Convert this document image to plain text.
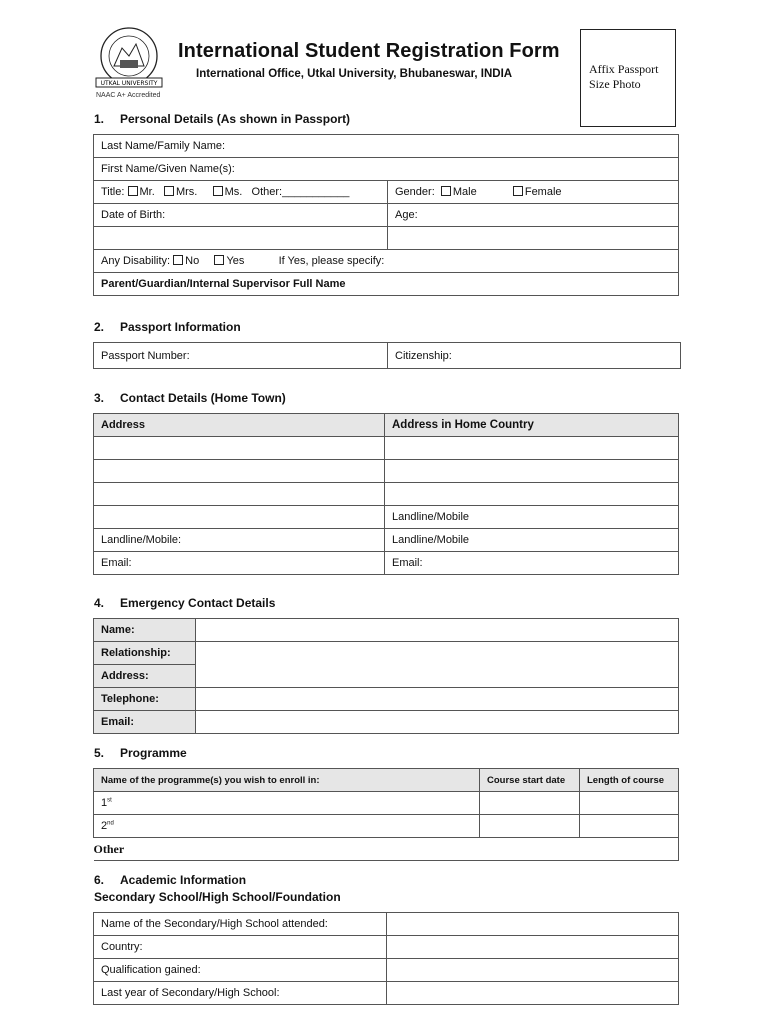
UTKAL UNIVERSITY
NAAC A+ Accredited
International Student Registration Form
International Office, Utkal University, Bhubaneswar, INDIA	Affix Passport
Size Photo
1. Personal Details (As shown in Passport)
Last Name/Family Name:	
First Name/Given Name(s):	
Title: Mr. Mrs. Ms. Other:___________	Gender: Male Female
Date of Birth:	Age:

Any Disability: No Yes If Yes, please specify:	
Parent/Guardian/Internal Supervisor Full Name	
2. Passport Information
Passport Number:	Citizenship:
3. Contact Details (Home Town)
Address	Address in Home Country

	Landline/Mobile
Landline/Mobile:	Landline/Mobile
Email:	Email:
4. Emergency Contact Details
Name:	
Relationship:	
Address:	
Telephone:	
Email:	
5. Programme
Name of the programme(s) you wish to enroll in:	Course start date	Length of course
1st		
2nd		
Other		
6. Academic Information
Secondary School/High School/Foundation
Name of the Secondary/High School attended:	
Country:	
Qualification gained:	
Last year of Secondary/High School:	
